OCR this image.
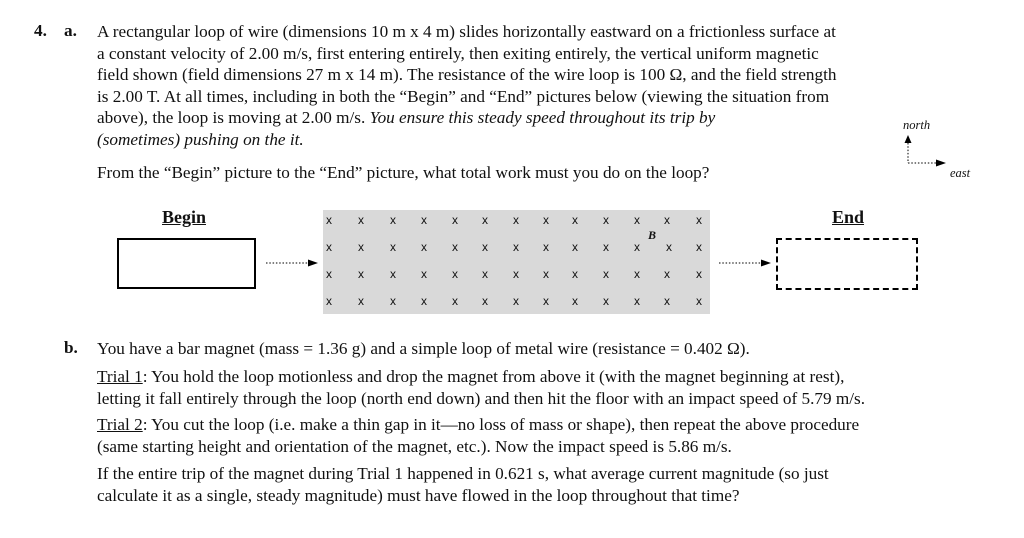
4. a. A rectangular loop of wire (dimensions 10 m x 4 m) slides horizontally eastward on a frictionless surface at
a constant velocity of 2.00 m/s, first entering entirely, then exiting entirely, the vertical uniform magnetic
field shown (field dimensions 27 m x 14 m). The resistance of the wire loop is 100 Ω, and the field strength
is 2.00 T. At all times, including in both the “Begin” and “End” pictures below (viewing the situation from
above), the loop is moving at 2.00 m/s. You ensure this steady speed throughout its trip by
(sometimes) pushing on the it.
From the “Begin” picture to the “End” picture, what total work must you do on the loop?
north
east
Begin	End
x x x x x x x x x x x x x
x x x x x x x x x x x	x
x x x x x x x x x x x x x
x x x x x x x x x x x x x
x
B
b. You have a bar magnet (mass = 1.36 g) and a simple loop of metal wire (resistance = 0.402 Ω).
Trial 1: You hold the loop motionless and drop the magnet from above it (with the magnet beginning at rest),
letting it fall entirely through the loop (north end down) and then hit the floor with an impact speed of 5.79 m/s.
Trial 2: You cut the loop (i.e. make a thin gap in it—no loss of mass or shape), then repeat the above procedure
(same starting height and orientation of the magnet, etc.). Now the impact speed is 5.86 m/s.
If the entire trip of the magnet during Trial 1 happened in 0.621 s, what average current magnitude (so just
calculate it as a single, steady magnitude) must have flowed in the loop throughout that time?
